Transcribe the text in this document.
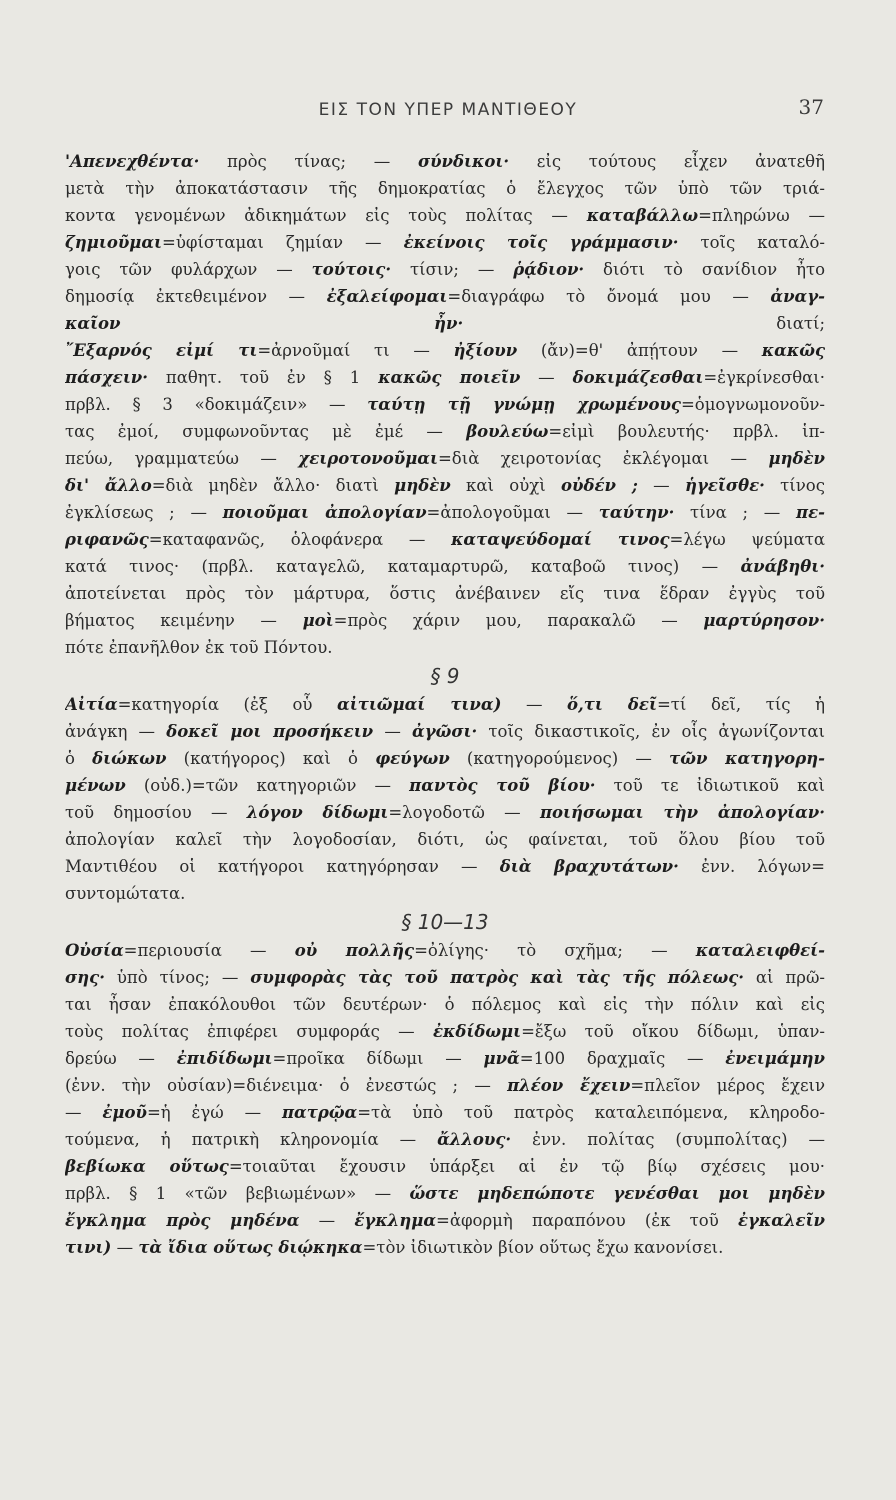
ΕΙΣ ΤΟΝ ΥΠΕΡ ΜΑΝΤΙΘΕΟΥ	37
'Απενεχθέντα· πρὸς τίνας; — σύνδικοι· εἰς τούτους εἶχεν ἀνατεθῆ
μετὰ τὴν ἀποκατάστασιν τῆς δημοκρατίας ὁ ἔλεγχος τῶν ὑπὸ τῶν τριά-
κοντα γενομένων ἀδικημάτων εἰς τοὺς πολίτας — καταβάλλω=πληρώνω —
ζημιοῦμαι=ὑφίσταμαι ζημίαν — ἐκείνοις τοῖς γράμμασιν· τοῖς καταλό-
γοις τῶν φυλάρχων — τούτοις· τίσιν; — ῥᾴδιον· διότι τὸ σανίδιον ἦτο
δημοσίᾳ ἐκτεθειμένον — ἐξαλείφομαι=διαγράφω τὸ ὄνομά μου — ἀναγ-
καῖον ἦν· διατί;
῎Εξαρνός εἰμί τι=ἀρνοῦμαί τι — ἠξίουν (ἄν)=θ' ἀπῄτουν — κακῶς
πάσχειν· παθητ. τοῦ ἐν § 1 κακῶς ποιεῖν — δοκιμάζεσθαι=ἐγκρίνεσθαι·
πρβλ. § 3 «δοκιμάζειν» — ταύτῃ τῇ γνώμῃ χρωμένους=ὁμογνωμονοῦν-
τας ἐμοί, συμφωνοῦντας μὲ ἐμέ — βουλεύω=εἰμὶ βουλευτής· πρβλ. ἱπ-
πεύω, γραμματεύω — χειροτονοῦμαι=διὰ χειροτονίας ἐκλέγομαι — μηδὲν
δι' ἄλλο=διὰ μηδὲν ἄλλο· διατὶ μηδὲν καὶ οὐχὶ οὐδέν ; — ἡγεῖσθε· τίνος
ἐγκλίσεως ; — ποιοῦμαι ἀπολογίαν=ἀπολογοῦμαι — ταύτην· τίνα ; — πε-
ριφανῶς=καταφανῶς, ὁλοφάνερα — καταψεύδομαί τινος=λέγω ψεύματα
κατά τινος· (πρβλ. καταγελῶ, καταμαρτυρῶ, καταβοῶ τινος) — ἀνάβηθι·
ἀποτείνεται πρὸς τὸν μάρτυρα, ὅστις ἀνέβαινεν εἴς τινα ἕδραν ἐγγὺς τοῦ
βήματος κειμένην — μοὶ=πρὸς χάριν μου, παρακαλῶ — μαρτύρησον·
πότε ἐπανῆλθον ἐκ τοῦ Πόντου.
§ 9
Αἰτία=κατηγορία (ἐξ οὗ αἰτιῶμαί τινα) — ὅ,τι δεῖ=τί δεῖ, τίς ἡ
ἀνάγκη — δοκεῖ μοι προσήκειν — ἀγῶσι· τοῖς δικαστικοῖς, ἐν οἷς ἀγωνίζονται
ὁ διώκων (κατήγορος) καὶ ὁ φεύγων (κατηγορούμενος) — τῶν κατηγορη-
μένων (οὐδ.)=τῶν κατηγοριῶν — παντὸς τοῦ βίου· τοῦ τε ἰδιωτικοῦ καὶ
τοῦ δημοσίου — λόγον δίδωμι=λογοδοτῶ — ποιήσωμαι τὴν ἀπολογίαν·
ἀπολογίαν καλεῖ τὴν λογοδοσίαν, διότι, ὡς φαίνεται, τοῦ ὅλου βίου τοῦ
Μαντιθέου οἱ κατήγοροι κατηγόρησαν — διὰ βραχυτάτων· ἐνν. λόγων=
συντομώτατα.
§ 10—13
Οὐσία=περιουσία — οὐ πολλῆς=ὀλίγης· τὸ σχῆμα; — καταλειφθεί-
σης· ὑπὸ τίνος; — συμφορὰς τὰς τοῦ πατρὸς καὶ τὰς τῆς πόλεως· αἱ πρῶ-
ται ἦσαν ἐπακόλουθοι τῶν δευτέρων· ὁ πόλεμος καὶ εἰς τὴν πόλιν καὶ εἰς
τοὺς πολίτας ἐπιφέρει συμφοράς — ἐκδίδωμι=ἔξω τοῦ οἴκου δίδωμι, ὑπαν-
δρεύω — ἐπιδίδωμι=προῖκα δίδωμι — μνᾶ=100 δραχμαῖς — ἐνειμάμην
(ἐνν. τὴν οὐσίαν)=διένειμα· ὁ ἐνεστώς ; — πλέον ἔχειν=πλεῖον μέρος ἔχειν
— ἐμοῦ=ἡ ἐγώ — πατρῷα=τὰ ὑπὸ τοῦ πατρὸς καταλειπόμενα, κληροδο-
τούμενα, ἡ πατρικὴ κληρονομία — ἄλλους· ἐνν. πολίτας (συμπολίτας) —
βεβίωκα οὕτως=τοιαῦται ἔχουσιν ὑπάρξει αἱ ἐν τῷ βίῳ σχέσεις μου·
πρβλ. § 1 «τῶν βεβιωμένων» — ὥστε μηδεπώποτε γενέσθαι μοι μηδὲν
ἔγκλημα πρὸς μηδένα — ἔγκλημα=ἀφορμὴ παραπόνου (ἐκ τοῦ ἐγκαλεῖν
τινι) — τὰ ἴδια οὕτως διῴκηκα=τὸν ἰδιωτικὸν βίον οὕτως ἔχω κανονίσει.
